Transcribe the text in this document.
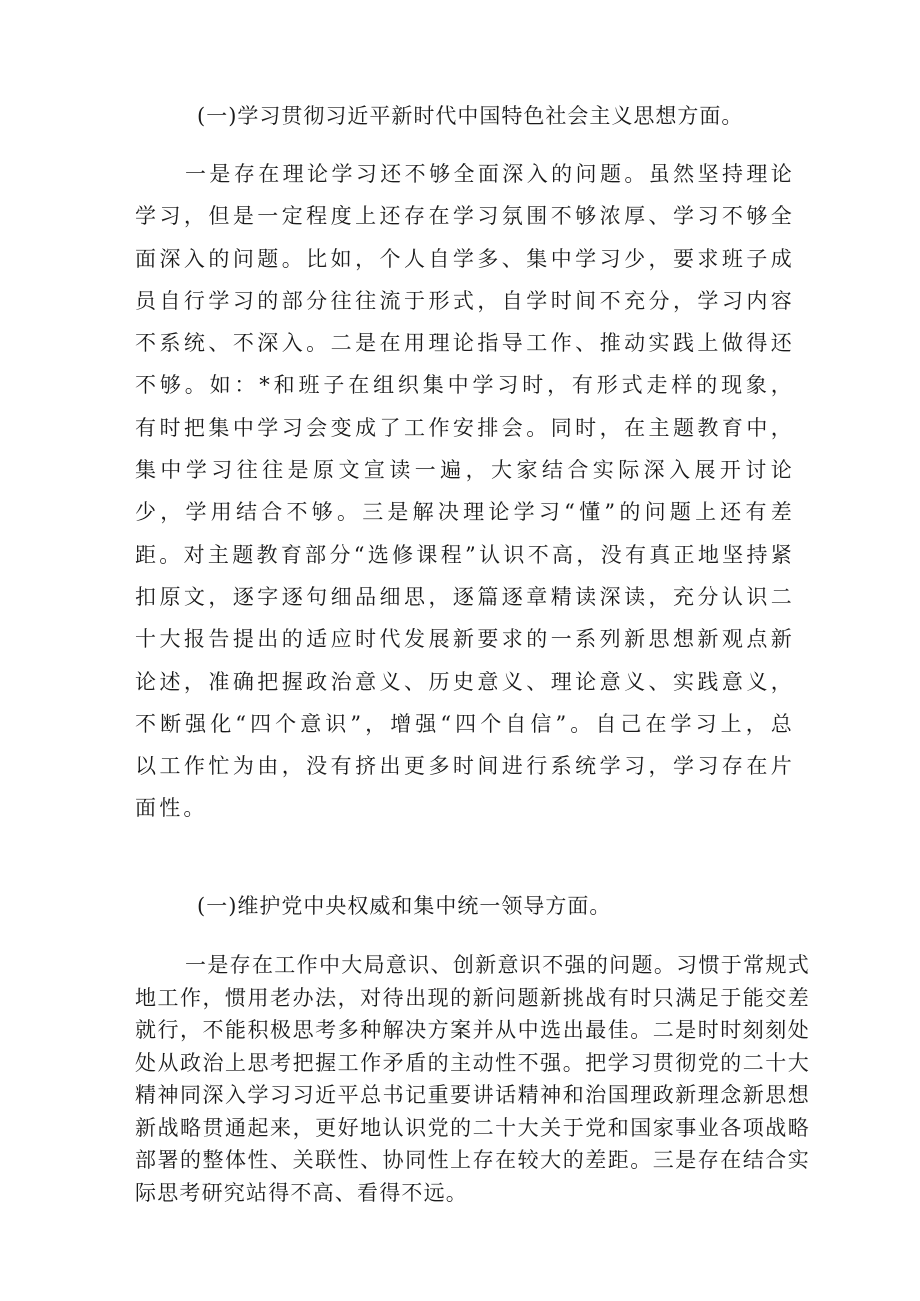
(一)学习贯彻习近平新时代中国特色社会主义思想方面。

一是存在理论学习还不够全面深入的问题。虽然坚持理论学习，但是一定程度上还存在学习氛围不够浓厚、学习不够全面深入的问题。比如，个人自学多、集中学习少，要求班子成员自行学习的部分往往流于形式，自学时间不充分，学习内容不系统、不深入。二是在用理论指导工作、推动实践上做得还不够。如：*和班子在组织集中学习时，有形式走样的现象，有时把集中学习会变成了工作安排会。同时，在主题教育中，集中学习往往是原文宣读一遍，大家结合实际深入展开讨论少，学用结合不够。三是解决理论学习“懂”的问题上还有差距。对主题教育部分“选修课程”认识不高，没有真正地坚持紧扣原文，逐字逐句细品细思，逐篇逐章精读深读，充分认识二十大报告提出的适应时代发展新要求的一系列新思想新观点新论述，准确把握政治意义、历史意义、理论意义、实践意义，不断强化“四个意识”，增强“四个自信”。自己在学习上，总以工作忙为由，没有挤出更多时间进行系统学习，学习存在片面性。

(一)维护党中央权威和集中统一领导方面。

一是存在工作中大局意识、创新意识不强的问题。习惯于常规式地工作，惯用老办法，对待出现的新问题新挑战有时只满足于能交差就行，不能积极思考多种解决方案并从中选出最佳。二是时时刻刻处处从政治上思考把握工作矛盾的主动性不强。把学习贯彻党的二十大精神同深入学习习近平总书记重要讲话精神和治国理政新理念新思想新战略贯通起来，更好地认识党的二十大关于党和国家事业各项战略部署的整体性、关联性、协同性上存在较大的差距。三是存在结合实际思考研究站得不高、看得不远。
